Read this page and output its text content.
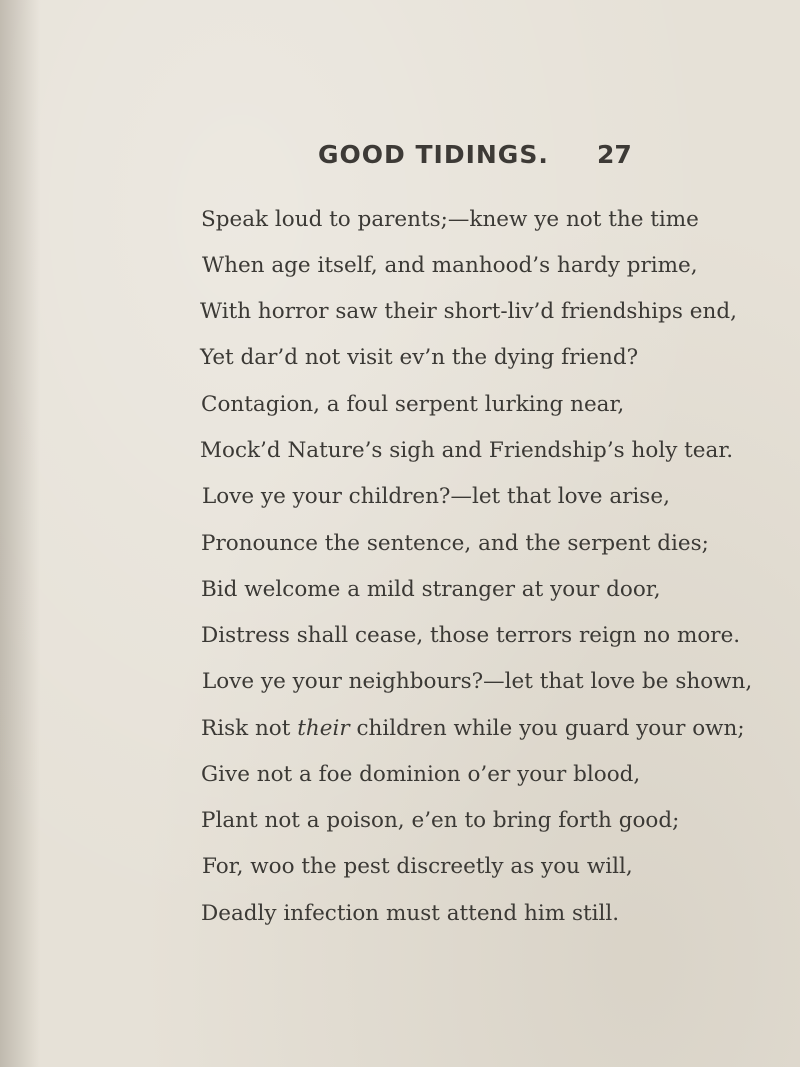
GOOD TIDINGS. 27
Speak loud to parents;—knew ye not the time
When age itself, and manhood’s hardy prime,
With horror saw their short-liv’d friendships end,
Yet dar’d not visit ev’n the dying friend?
Contagion, a foul serpent lurking near,
Mock’d Nature’s sigh and Friendship’s holy tear.
Love ye your children?—let that love arise,
Pronounce the sentence, and the serpent dies;
Bid welcome a mild stranger at your door,
Distress shall cease, those terrors reign no more.
Love ye your neighbours?—let that love be shown,
Risk not their children while you guard your own;
Give not a foe dominion o’er your blood,
Plant not a poison, e’en to bring forth good;
For, woo the pest discreetly as you will,
Deadly infection must attend him still.
